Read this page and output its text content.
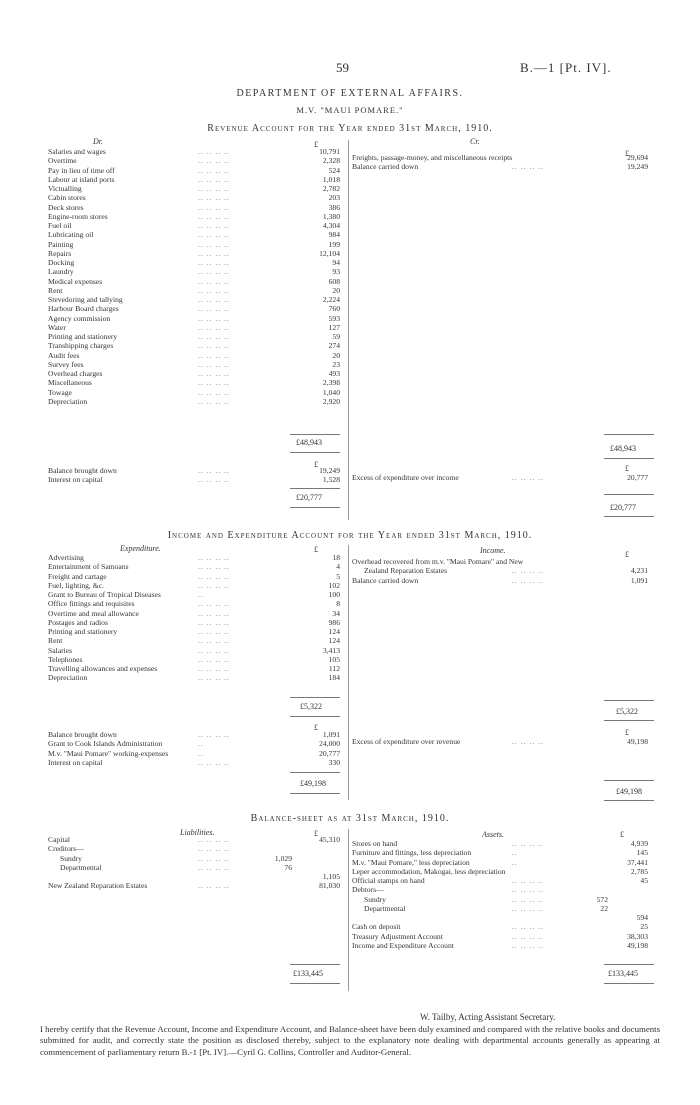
59	B.—1 [Pt. IV].
DEPARTMENT OF EXTERNAL AFFAIRS.
M.V. "MAUI POMARE."
Revenue Account for the Year ended 31st March, 1910.
Dr.	Cr.
£
£
Salaries and wages	.. .. .. ..	10,791
Overtime	.. .. .. ..	2,328
Pay in lieu of time off	.. .. .. ..	524
Labour at island ports	.. .. .. ..	1,018
Victualling	.. .. .. ..	2,782
Cabin stores	.. .. .. ..	203
Deck stores	.. .. .. ..	386
Engine-room stores	.. .. .. ..	1,380
Fuel oil	.. .. .. ..	4,304
Lubricating oil	.. .. .. ..	984
Painting	.. .. .. ..	199
Repairs	.. .. .. ..	12,104
Docking	.. .. .. ..	94
Laundry	.. .. .. ..	93
Medical expenses	.. .. .. ..	608
Rent	.. .. .. ..	20
Stevedoring and tallying	.. .. .. ..	2,224
Harbour Board charges	.. .. .. ..	760
Agency commission	.. .. .. ..	593
Water	.. .. .. ..	127
Printing and stationery	.. .. .. ..	59
Transhipping charges	.. .. .. ..	274
Audit fees	.. .. .. ..	20
Survey fees	.. .. .. ..	23
Overhead charges	.. .. .. ..	493
Miscellaneous	.. .. .. ..	2,398
Towage	.. .. .. ..	1,040
Depreciation	.. .. .. ..	2,920
Freights, passage-money, and miscellaneous receipts	29,694
Balance carried down	.. .. .. ..	19,249
£48,943
£48,943
£
Balance brought down	.. .. .. ..	19,249
Interest on capital	.. .. .. ..	1,528
£
Excess of expenditure over income	.. .. .. ..	20,777
£20,777
£20,777
Income and Expenditure Account for the Year ended 31st March, 1910.
Expenditure.	Income.
£
£
Advertising	.. .. .. ..	18
Entertainment of Samoans	.. .. .. ..	4
Freight and cartage	.. .. .. ..	5
Fuel, lighting, &c.	.. .. .. ..	102
Grant to Bureau of Tropical Diseases	..	100
Office fittings and requisites	.. .. .. ..	8
Overtime and meal allowance	.. .. .. ..	34
Postages and radios	.. .. .. ..	986
Printing and stationery	.. .. .. ..	124
Rent	.. .. .. ..	124
Salaries	.. .. .. ..	3,413
Telephones	.. .. .. ..	105
Travelling allowances and expenses	.. .. .. ..	112
Depreciation	.. .. .. ..	184
Overhead recovered from m.v. "Maui Pomare" and New
Zealand Reparation Estates	.. .. .. ..	4,231
Balance carried down	.. .. .. ..	1,091
£5,322
£5,322
£
Balance brought down	.. .. .. ..	1,091
Grant to Cook Islands Administration	..	24,000
M.v. "Maui Pomare" working-expenses	..	20,777
Interest on capital	.. .. .. ..	330
£
Excess of expenditure over revenue	.. .. .. ..	49,198
£49,198
£49,198
Balance-sheet as at 31st March, 1910.
Liabilities.	Assets.
£	£
Capital	.. .. .. ..	45,310
Creditors—	.. .. .. ..
Sundry	.. .. .. ..	1,029
Departmental	.. .. .. ..	76
1,105
New Zealand Reparation Estates	.. .. .. ..	81,030
Stores on hand	.. .. .. ..	4,939
Furniture and fittings, less depreciation	..	145
M.v. "Maui Pomare," less depreciation	..	37,441
Leper accommodation, Makogai, less depreciation	2,785
Official stamps on hand	.. .. .. ..	45
Debtors—	.. .. .. ..
Sundry	.. .. .. ..	572
Departmental	.. .. .. ..	22
594
Cash on deposit	.. .. .. ..	25
Treasury Adjustment Account	.. .. .. ..	38,303
Income and Expenditure Account	.. .. .. ..	49,198
£133,445	£133,445
W. Tailby, Acting Assistant Secretary.
I hereby certify that the Revenue Account, Income and Expenditure Account, and Balance-sheet have been duly examined and compared with the relative books and documents submitted for audit, and correctly state the position as disclosed thereby, subject to the explanatory note dealing with departmental accounts generally as appearing at commencement of parliamentary return B.-1 [Pt. IV].—Cyril G. Collins, Controller and Auditor-General.
